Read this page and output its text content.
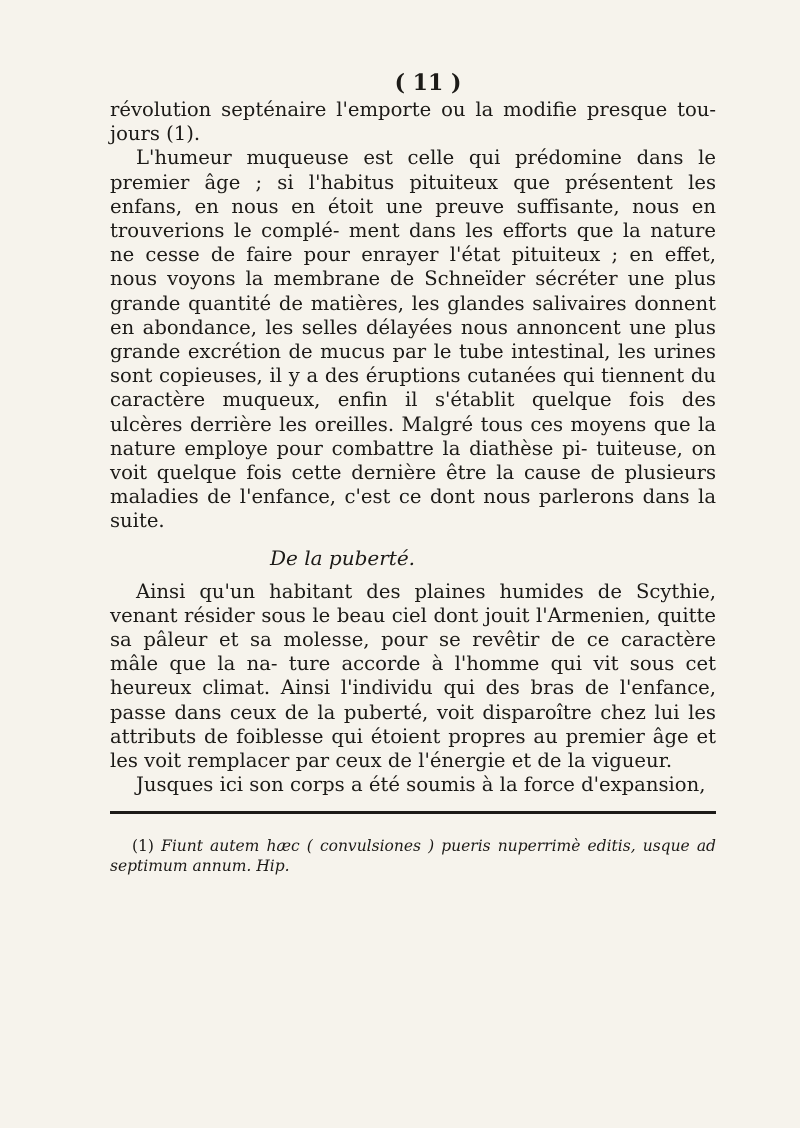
( 11 )

révolution septénaire l'emporte ou la modifie presque tou- jours (1).

L'humeur muqueuse est celle qui prédomine dans le premier âge ; si l'habitus pituiteux que présentent les enfans, en nous en étoit une preuve suffisante, nous en trouverions le complé- ment dans les efforts que la nature ne cesse de faire pour enrayer l'état pituiteux ; en effet, nous voyons la membrane de Schneïder sécréter une plus grande quantité de matières, les glandes salivaires donnent en abondance, les selles délayées nous annoncent une plus grande excrétion de mucus par le tube intestinal, les urines sont copieuses, il y a des éruptions cutanées qui tiennent du caractère muqueux, enfin il s'établit quelque fois des ulcères derrière les oreilles. Malgré tous ces moyens que la nature employe pour combattre la diathèse pi- tuiteuse, on voit quelque fois cette dernière être la cause de plusieurs maladies de l'enfance, c'est ce dont nous parlerons dans la suite.

De la puberté.

Ainsi qu'un habitant des plaines humides de Scythie, venant résider sous le beau ciel dont jouit l'Armenien, quitte sa pâleur et sa molesse, pour se revêtir de ce caractère mâle que la na- ture accorde à l'homme qui vit sous cet heureux climat. Ainsi l'individu qui des bras de l'enfance, passe dans ceux de la puberté, voit disparoître chez lui les attributs de foiblesse qui étoient propres au premier âge et les voit remplacer par ceux de l'énergie et de la vigueur.

Jusques ici son corps a été soumis à la force d'expansion,

(1) Fiunt autem hæc ( convulsiones ) pueris nuperrimè editis, usque ad septimum annum. Hip.
